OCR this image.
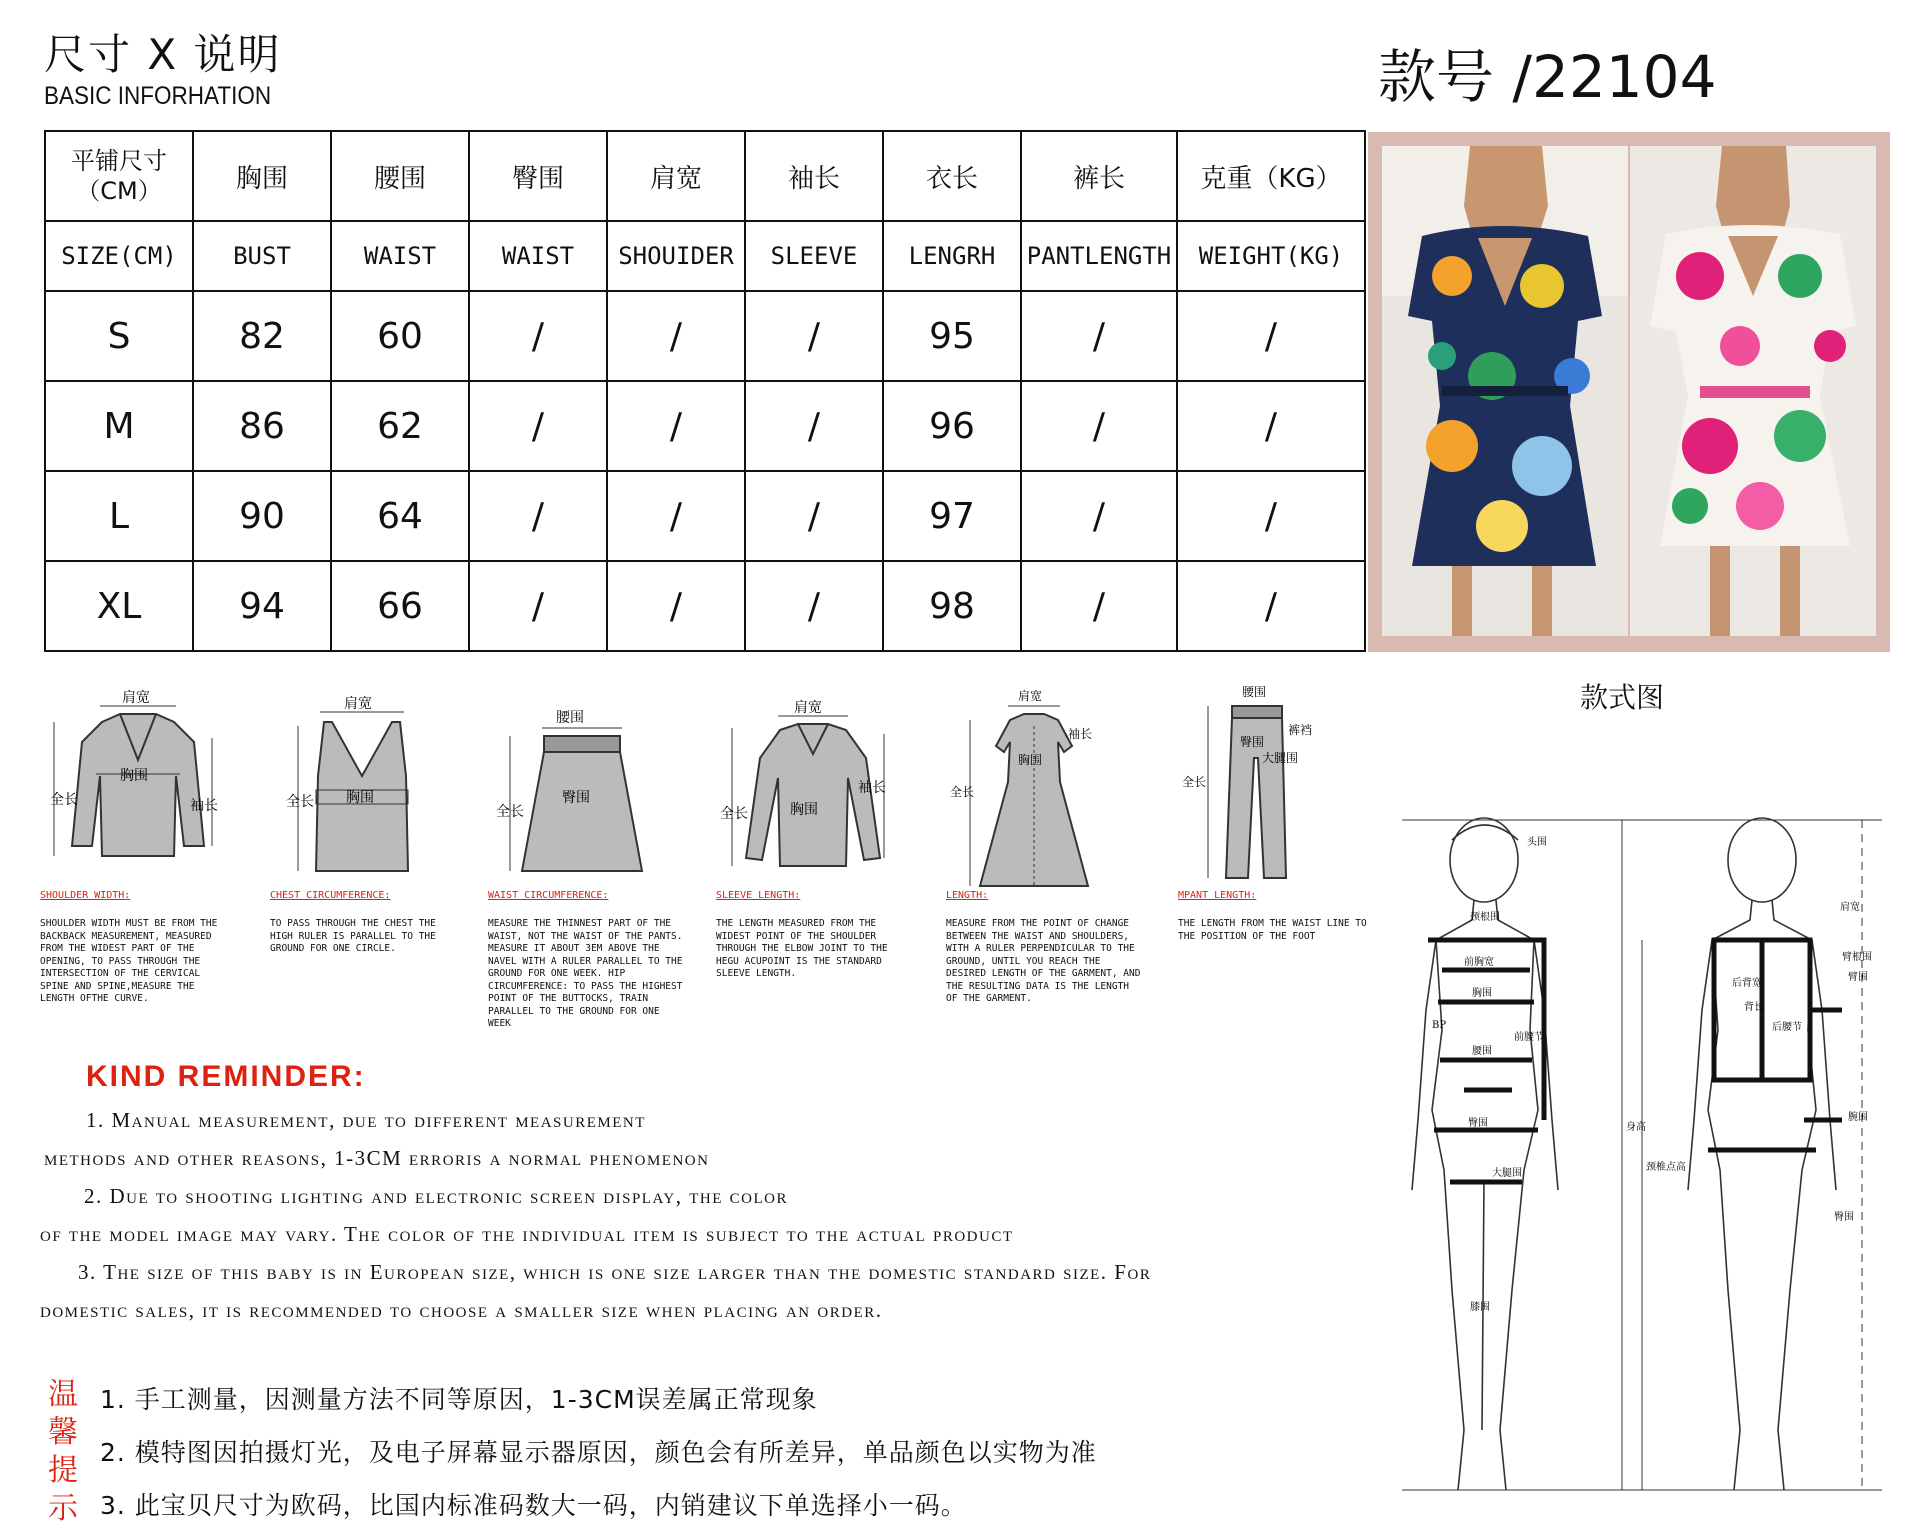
尺寸 X 说明
BASIC INFORHATION	款号 /22104
平铺尺寸
（CM）	胸围	腰围	臀围	肩宽	袖长	衣长	裤长	克重（KG）
SIZE(CM)	BUST	WAIST	WAIST	SHOUIDER	SLEEVE	LENGRH	PANTLENGTH	WEIGHT(KG)
S	82	60	/	/	/	95	/	/
M	86	62	/	/	/	96	/	/
L	90	64	/	/	/	97	/	/
XL	94	66	/	/	/	98	/	/
款式图
肩宽
胸围
全长	袖长
SHOULDER WIDTH:
SHOULDER WIDTH MUST BE FROM THE BACKBACK MEASUREMENT, MEASURED FROM THE WIDEST PART OF THE OPENING, TO PASS THROUGH THE INTERSECTION OF THE CERVICAL SPINE AND SPINE,MEASURE THE LENGTH OFTHE CURVE.
肩宽
全长 胸围
CHEST CIRCUMFERENCE:
TO PASS THROUGH THE CHEST THE HIGH RULER IS PARALLEL TO THE GROUND FOR ONE CIRCLE.
腰围
全长
臀围
WAIST CIRCUMFERENCE:
MEASURE THE THINNEST PART OF THE WAIST, NOT THE WAIST OF THE PANTS. MEASURE IT ABOUT 3EM ABOVE THE NAVEL WITH A RULER PARALLEL TO THE GROUND FOR ONE WEEK. HIP CIRCUMFERENCE: TO PASS THE HIGHEST POINT OF THE BUTTOCKS, TRAIN PARALLEL TO THE GROUND FOR ONE WEEK
肩宽
全长	胸围
袖长
SLEEVE LENGTH:
THE LENGTH MEASURED FROM THE WIDEST POINT OF THE SHOULDER THROUGH THE ELBOW JOINT TO THE HEGU ACUPOINT IS THE STANDARD SLEEVE LENGTH.
肩宽
袖长
胸围
全长
LENGTH:
MEASURE FROM THE POINT OF CHANGE BETWEEN THE WAIST AND SHOULDERS, WITH A RULER PERPENDICULAR TO THE GROUND, UNTIL YOU REACH THE DESIRED LENGTH OF THE GARMENT, AND THE RESULTING DATA IS THE LENGTH OF THE GARMENT.
腰围
裤裆
臀围
大腿围
全长
MPANT LENGTH:
THE LENGTH FROM THE WAIST LINE TO THE POSITION OF THE FOOT
KIND REMINDER:
1. Manual measurement, due to different measurement
methods and other reasons, 1-3CM erroris a normal phenomenon
2. Due to shooting lighting and electronic screen display, the color
of the model image may vary. The color of the individual item is subject to the actual product
3. The size of this baby is in European size, which is one size larger than the domestic standard size. For
domestic sales, it is recommended to choose a smaller size when placing an order.
温馨提示
1. 手工测量，因测量方法不同等原因，1-3CM误差属正常现象
2. 模特图因拍摄灯光，及电子屏幕显示器原因，颜色会有所差异，单品颜色以实物为准
3. 此宝贝尺寸为欧码，比国内标准码数大一码，内销建议下单选择小一码。
头围
颈根围
前胸宽
胸围
BP
前腰节
腰围
臀围
大腿围
膝围
肩宽
臂根围
臂围
后背宽
背长
后腰节
腕围
身高
颈椎点高
臀围
